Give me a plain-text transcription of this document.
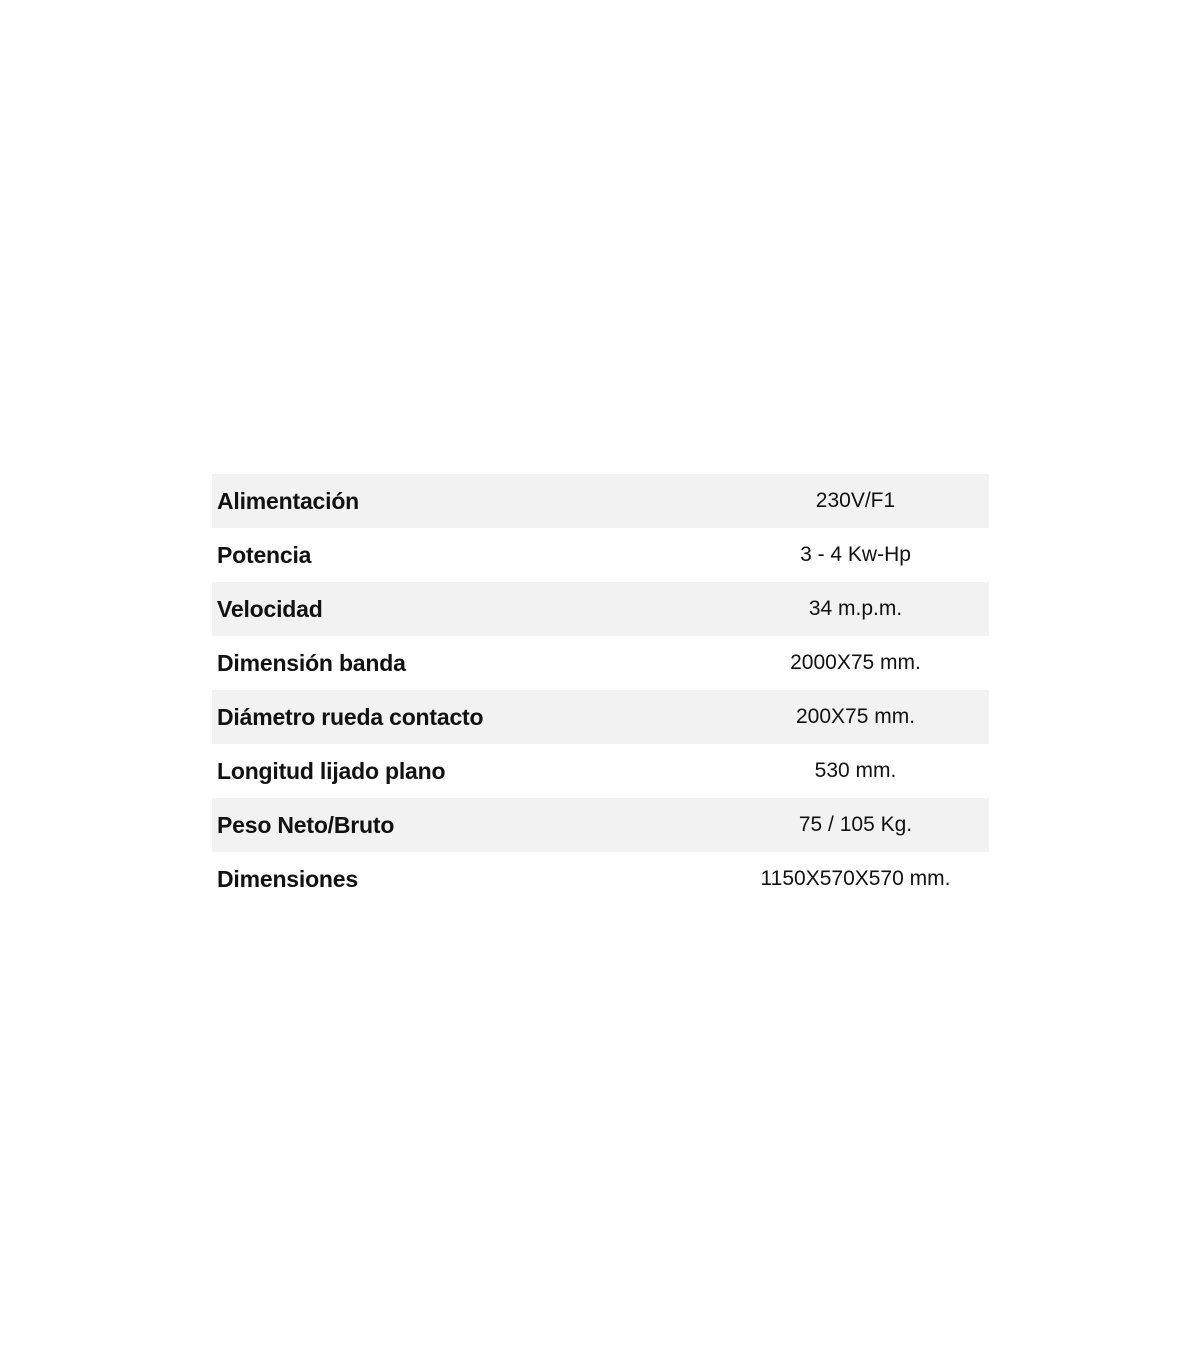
Alimentación	230V/F1
Potencia	3 - 4 Kw-Hp
Velocidad	34 m.p.m.
Dimensión banda	2000X75 mm.
Diámetro rueda contacto	200X75 mm.
Longitud lijado plano	530 mm.
Peso Neto/Bruto	75 / 105 Kg.
Dimensiones	1150X570X570 mm.
